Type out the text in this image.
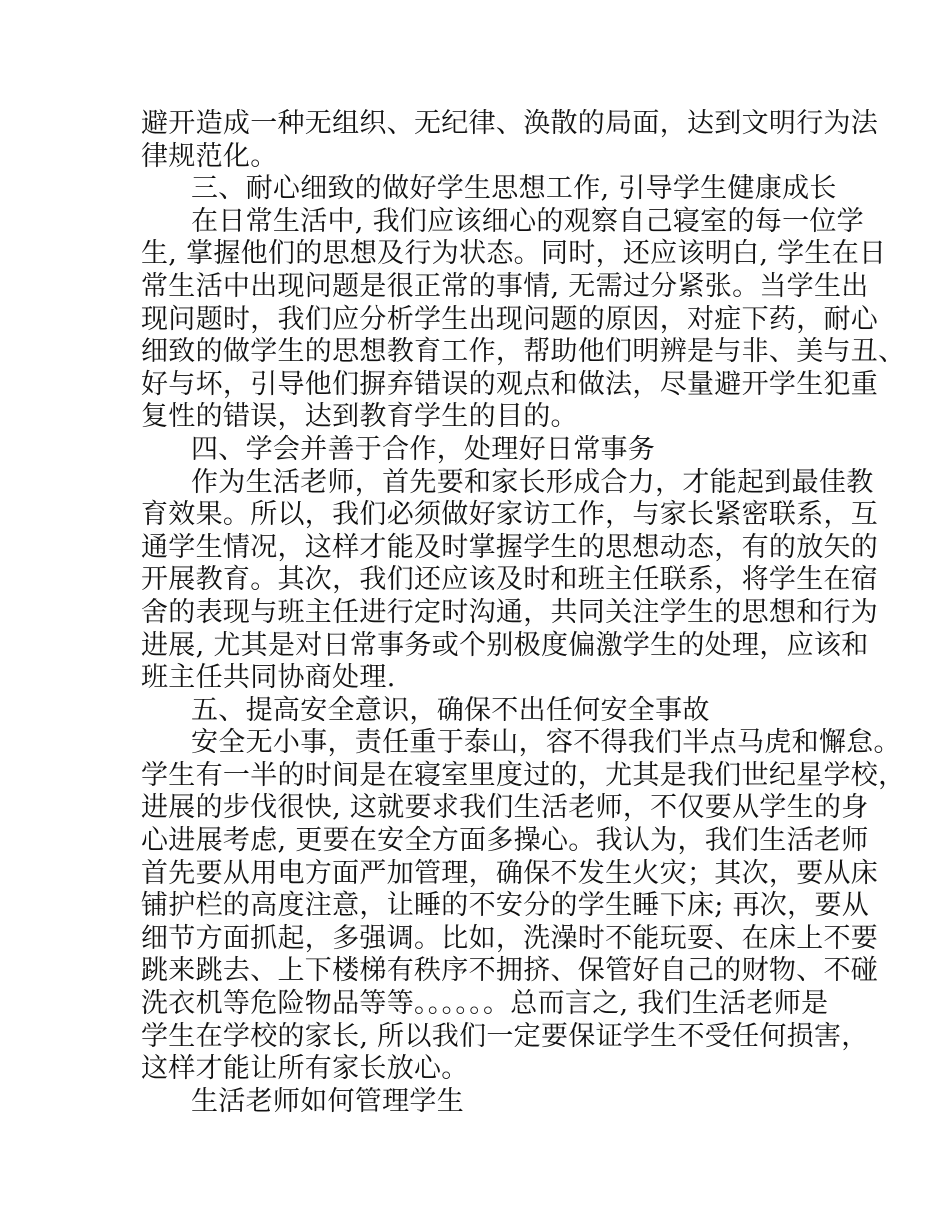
避开造成一种无组织、无纪律、涣散的局面，达到文明行为法
律规范化。
三、耐心细致的做好学生思想工作, 引导学生健康成长
在日常生活中, 我们应该细心的观察自己寝室的每一位学
生, 掌握他们的思想及行为状态。同时，还应该明白, 学生在日
常生活中出现问题是很正常的事情, 无需过分紧张。当学生出
现问题时，我们应分析学生出现问题的原因，对症下药，耐心
细致的做学生的思想教育工作，帮助他们明辨是与非、美与丑、
好与坏，引导他们摒弃错误的观点和做法，尽量避开学生犯重
复性的错误，达到教育学生的目的。
四、学会并善于合作，处理好日常事务
作为生活老师，首先要和家长形成合力，才能起到最佳教
育效果。所以，我们必须做好家访工作，与家长紧密联系，互
通学生情况，这样才能及时掌握学生的思想动态，有的放矢的
开展教育。其次，我们还应该及时和班主任联系，将学生在宿
舍的表现与班主任进行定时沟通，共同关注学生的思想和行为
进展, 尤其是对日常事务或个别极度偏激学生的处理，应该和
班主任共同协商处理.
五、提高安全意识，确保不出任何安全事故
安全无小事，责任重于泰山，容不得我们半点马虎和懈怠。
学生有一半的时间是在寝室里度过的，尤其是我们世纪星学校，
进展的步伐很快, 这就要求我们生活老师，不仅要从学生的身
心进展考虑, 更要在安全方面多操心。我认为，我们生活老师
首先要从用电方面严加管理，确保不发生火灾；其次，要从床
铺护栏的高度注意，让睡的不安分的学生睡下床; 再次，要从
细节方面抓起，多强调。比如，洗澡时不能玩耍、在床上不要
跳来跳去、上下楼梯有秩序不拥挤、保管好自己的财物、不碰
洗衣机等危险物品等等。。。。。。总而言之, 我们生活老师是
学生在学校的家长, 所以我们一定要保证学生不受任何损害，
这样才能让所有家长放心。
生活老师如何管理学生
